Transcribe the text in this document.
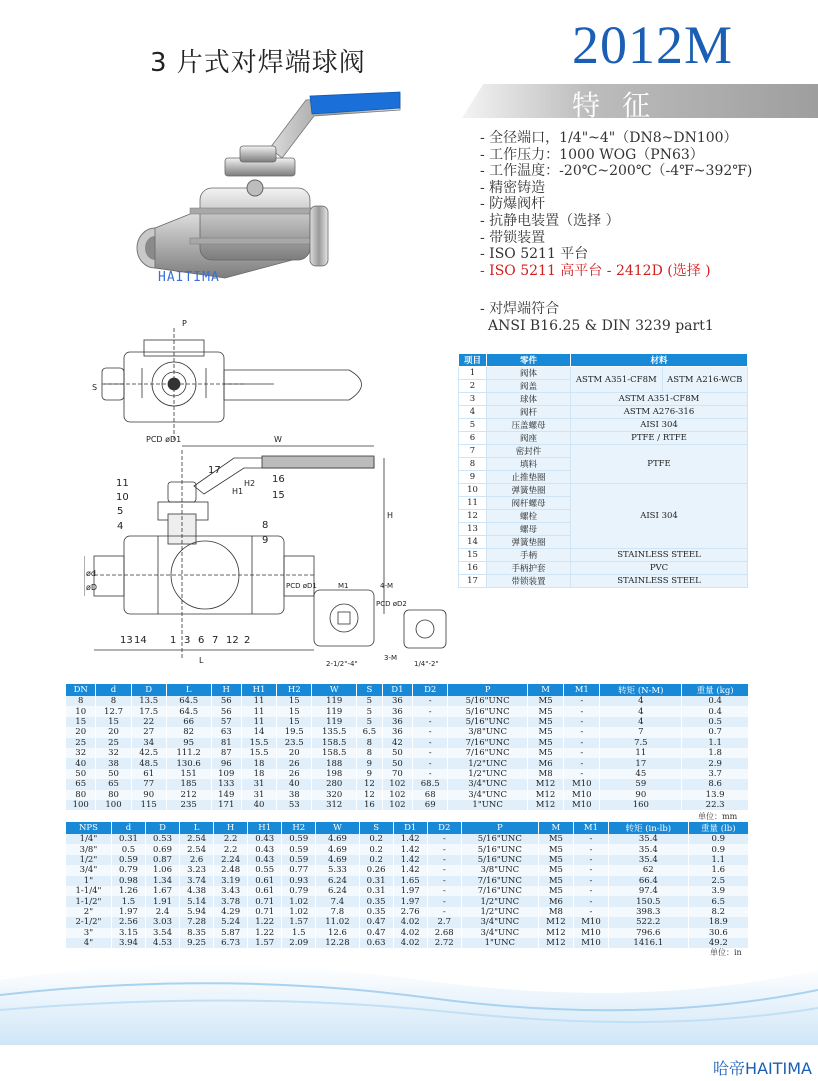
3 片式对焊端球阀	2012M
特征
- 全径端口，1/4"~4"（DN8~DN100）
- 工作压力：1000 WOG（PN63）
- 工作温度：-20℃~200℃（-4℉~392℉)
- 精密铸造
- 防爆阀杆
- 抗静电装置（选择 ）
- 带锁装置
- ISO 5211 平台
- ISO 5211 高平台 - 2412D (选择 )
- 对焊端符合
ANSI B16.25 & DIN 3239 part1
HAITIMA
P
S
PCD øD1	W
H
H1
H2
L
ød
øD
11
10
5
4
17
16
15
8
9
13 14 1 3 6 7 12 2
PCD øD1	M1	4-M
PCD øD2
3-M
2-1/2"-4"	1/4"-2"
项目	零件	材料	
1	阀体	ASTM A351-CF8M	ASTM A216-WCB
2	阀盖		
3	球体	ASTM A351-CF8M	
4	阀杆	ASTM A276-316	
5	压盖螺母	AISI 304	
6	阀座	PTFE / RTFE	
7	密封件	PTFE	
8	填料		
9	止推垫圈		
10	弹簧垫圈	AISI 304	
11	阀杆螺母		
12	螺栓		
13	螺母		
14	弹簧垫圈		
15	手柄	STAINLESS STEEL	
16	手柄护套	PVC	
17	带锁装置	STAINLESS STEEL	
DN	d	D	L	H	H1	H2	W	S	D1	D2	P	M	M1	转矩 (N-M)	重量 (kg)
8	8	13.5	64.5	56	11	15	119	5	36	-	5/16"UNC	M5	-	4	0.4
10	12.7	17.5	64.5	56	11	15	119	5	36	-	5/16"UNC	M5	-	4	0.4
15	15	22	66	57	11	15	119	5	36	-	5/16"UNC	M5	-	4	0.5
20	20	27	82	63	14	19.5	135.5	6.5	36	-	3/8"UNC	M5	-	7	0.7
25	25	34	95	81	15.5	23.5	158.5	8	42	-	7/16"UNC	M5	-	7.5	1.1
32	32	42.5	111.2	87	15.5	20	158.5	8	50	-	7/16"UNC	M5	-	11	1.8
40	38	48.5	130.6	96	18	26	188	9	50	-	1/2"UNC	M6	-	17	2.9
50	50	61	151	109	18	26	198	9	70	-	1/2"UNC	M8	-	45	3.7
65	65	77	185	133	31	40	280	12	102	68.5	3/4"UNC	M12	M10	59	8.6
80	80	90	212	149	31	38	320	12	102	68	3/4"UNC	M12	M10	90	13.9
100	100	115	235	171	40	53	312	16	102	69	1"UNC	M12	M10	160	22.3
单位：mm
NPS	d	D	L	H	H1	H2	W	S	D1	D2	P	M	M1	转矩 (in-lb)	重量 (lb)
1/4"	0.31	0.53	2.54	2.2	0.43	0.59	4.69	0.2	1.42	-	5/16"UNC	M5	-	35.4	0.9
3/8"	0.5	0.69	2.54	2.2	0.43	0.59	4.69	0.2	1.42	-	5/16"UNC	M5	-	35.4	0.9
1/2"	0.59	0.87	2.6	2.24	0.43	0.59	4.69	0.2	1.42	-	5/16"UNC	M5	-	35.4	1.1
3/4"	0.79	1.06	3.23	2.48	0.55	0.77	5.33	0.26	1.42	-	3/8"UNC	M5	-	62	1.6
1"	0.98	1.34	3.74	3.19	0.61	0.93	6.24	0.31	1.65	-	7/16"UNC	M5	-	66.4	2.5
1-1/4"	1.26	1.67	4.38	3.43	0.61	0.79	6.24	0.31	1.97	-	7/16"UNC	M5	-	97.4	3.9
1-1/2"	1.5	1.91	5.14	3.78	0.71	1.02	7.4	0.35	1.97	-	1/2"UNC	M6	-	150.5	6.5
2"	1.97	2.4	5.94	4.29	0.71	1.02	7.8	0.35	2.76	-	1/2"UNC	M8	-	398.3	8.2
2-1/2"	2.56	3.03	7.28	5.24	1.22	1.57	11.02	0.47	4.02	2.7	3/4"UNC	M12	M10	522.2	18.9
3"	3.15	3.54	8.35	5.87	1.22	1.5	12.6	0.47	4.02	2.68	3/4"UNC	M12	M10	796.6	30.6
4"	3.94	4.53	9.25	6.73	1.57	2.09	12.28	0.63	4.02	2.72	1"UNC	M12	M10	1416.1	49.2
单位：in
哈帝HAITIMA
